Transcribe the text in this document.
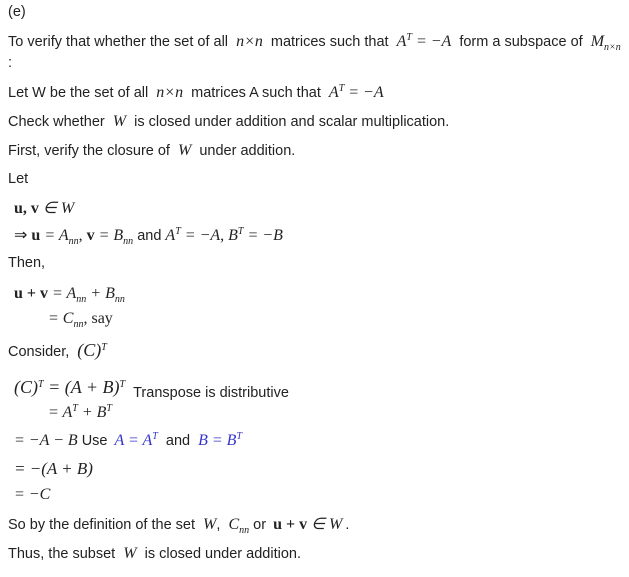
(e)
To verify that whether the set of all n×n matrices such that $A^T = -A$ form a subspace of $M_{n\times n}$
:
Let W be the set of all n×n matrices A such that $A^T = -A$
Check whether W is closed under addition and scalar multiplication.
First, verify the closure of W under addition.
Let
u, v ∈ W
⇒ $u = A_{nn}$, $v = B_{nn}$ and $A^T = -A$, $B^T = -B$
Then,
$u + v = A_{nn} + B_{nn}$
= $C_{nn}$, say
Consider, $(C)^T$
$(C)^T = (A + B)^T$ Transpose is distributive
= $A^T + B^T$
= −A − B Use $A = A^T$ and $B = B^T$
= −(A + B)
= −C
So by the definition of the set W, $C_{nn}$ or u + v ∈ W .
Thus, the subset W is closed under addition.
